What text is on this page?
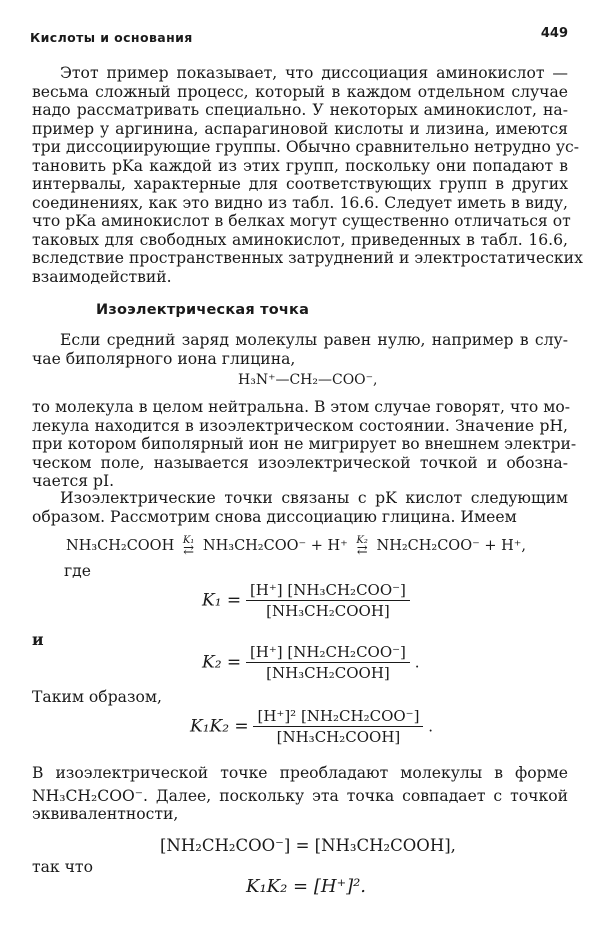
Кислоты и основания	449
Этот пример показывает, что диссоциация аминокислот —
весьма сложный процесс, который в каждом отдельном случае
надо рассматривать специально. У некоторых аминокислот, на-
пример у аргинина, аспарагиновой кислоты и лизина, имеются
три диссоциирующие группы. Обычно сравнительно нетрудно ус-
тановить pKa каждой из этих групп, поскольку они попадают в
интервалы, характерные для соответствующих групп в других
соединениях, как это видно из табл. 16.6. Следует иметь в виду,
что pKa аминокислот в белках могут существенно отличаться от
таковых для свободных аминокислот, приведенных в табл. 16.6,
вследствие пространственных затруднений и электростатических
взаимодействий.
Изоэлектрическая точка
Если средний заряд молекулы равен нулю, например в слу-
чае биполярного иона глицина,
H₃N⁺—CH₂—COO⁻,
то молекула в целом нейтральна. В этом случае говорят, что мо-
лекула находится в изоэлектрическом состоянии. Значение pH,
при котором биполярный ион не мигрирует во внешнем электри-
ческом поле, называется изоэлектрической точкой и обозна-
чается pI.
Изоэлектрические точки связаны с pK кислот следующим
образом. Рассмотрим снова диссоциацию глицина. Имеем
NH₃CH₂COOH K₁
⇄ NH₃CH₂COO⁻ + H⁺ K₂
⇄ NH₂CH₂COO⁻ + H⁺,
где
$K_1 = \frac{\text{[H⁺] [NH₃CH₂COO⁻]}}{\text{[NH₃CH₂COOH]}}$
и
$K_2 = \frac{\text{[H⁺] [NH₂CH₂COO⁻]}}{\text{[NH₃CH₂COOH]}}$ .
Таким образом,
$K_1K_2 = \frac{\text{[H⁺]² [NH₂CH₂COO⁻]}}{\text{[NH₃CH₂COOH]}}$ .
В изоэлектрической точке преобладают молекулы в форме
NH₃CH₂COO⁻. Далее, поскольку эта точка совпадает с точкой
эквивалентности,
[NH₂CH₂COO⁻] = [NH₃CH₂COOH],
так что
K₁K₂ = [H⁺]².
